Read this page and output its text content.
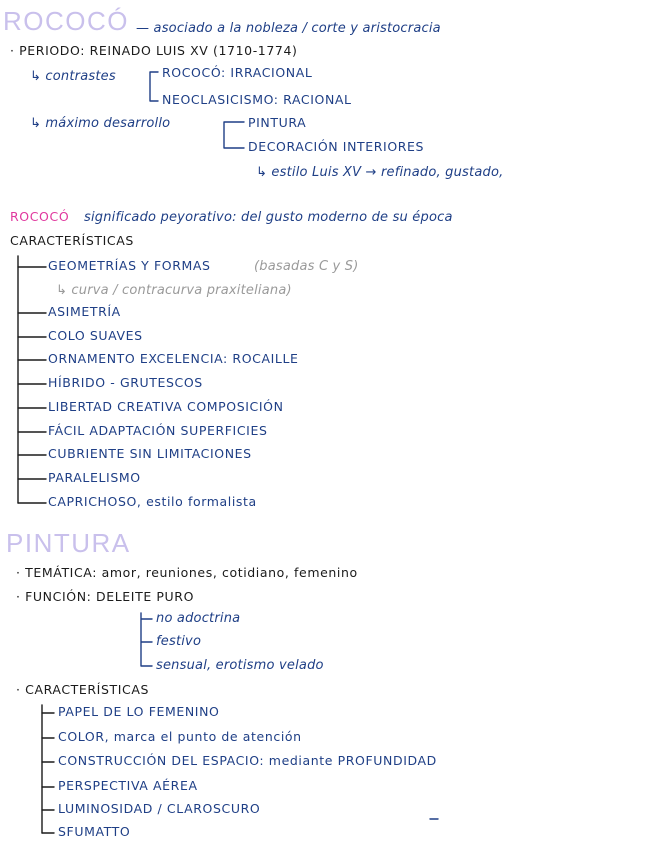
ROCOCÓ — asociado a la nobleza / corte y aristocracia
· PERIODO: REINADO LUIS XV (1710-1774)
↳ contrastes	ROCOCÓ: IRRACIONAL
NEOCLASICISMO: RACIONAL
↳ máximo desarrollo	PINTURA
DECORACIÓN INTERIORES
↳ estilo Luis XV → refinado, gustado,
ROCOCÓ significado peyorativo: del gusto moderno de su época
CARACTERÍSTICAS
GEOMETRÍAS Y FORMAS	(basadas C y S)
↳ curva / contracurva praxiteliana)
ASIMETRÍA
COLO SUAVES
ORNAMENTO EXCELENCIA: ROCAILLE
HÍBRIDO - GRUTESCOS
LIBERTAD CREATIVA COMPOSICIÓN
FÁCIL ADAPTACIÓN SUPERFICIES
CUBRIENTE SIN LIMITACIONES
PARALELISMO
CAPRICHOSO, estilo formalista
PINTURA
· TEMÁTICA: amor, reuniones, cotidiano, femenino
· FUNCIÓN: DELEITE PURO
no adoctrina
festivo
sensual, erotismo velado
· CARACTERÍSTICAS
PAPEL DE LO FEMENINO
COLOR, marca el punto de atención
CONSTRUCCIÓN DEL ESPACIO: mediante PROFUNDIDAD
PERSPECTIVA AÉREA
LUMINOSIDAD / CLAROSCURO
SFUMATTO
